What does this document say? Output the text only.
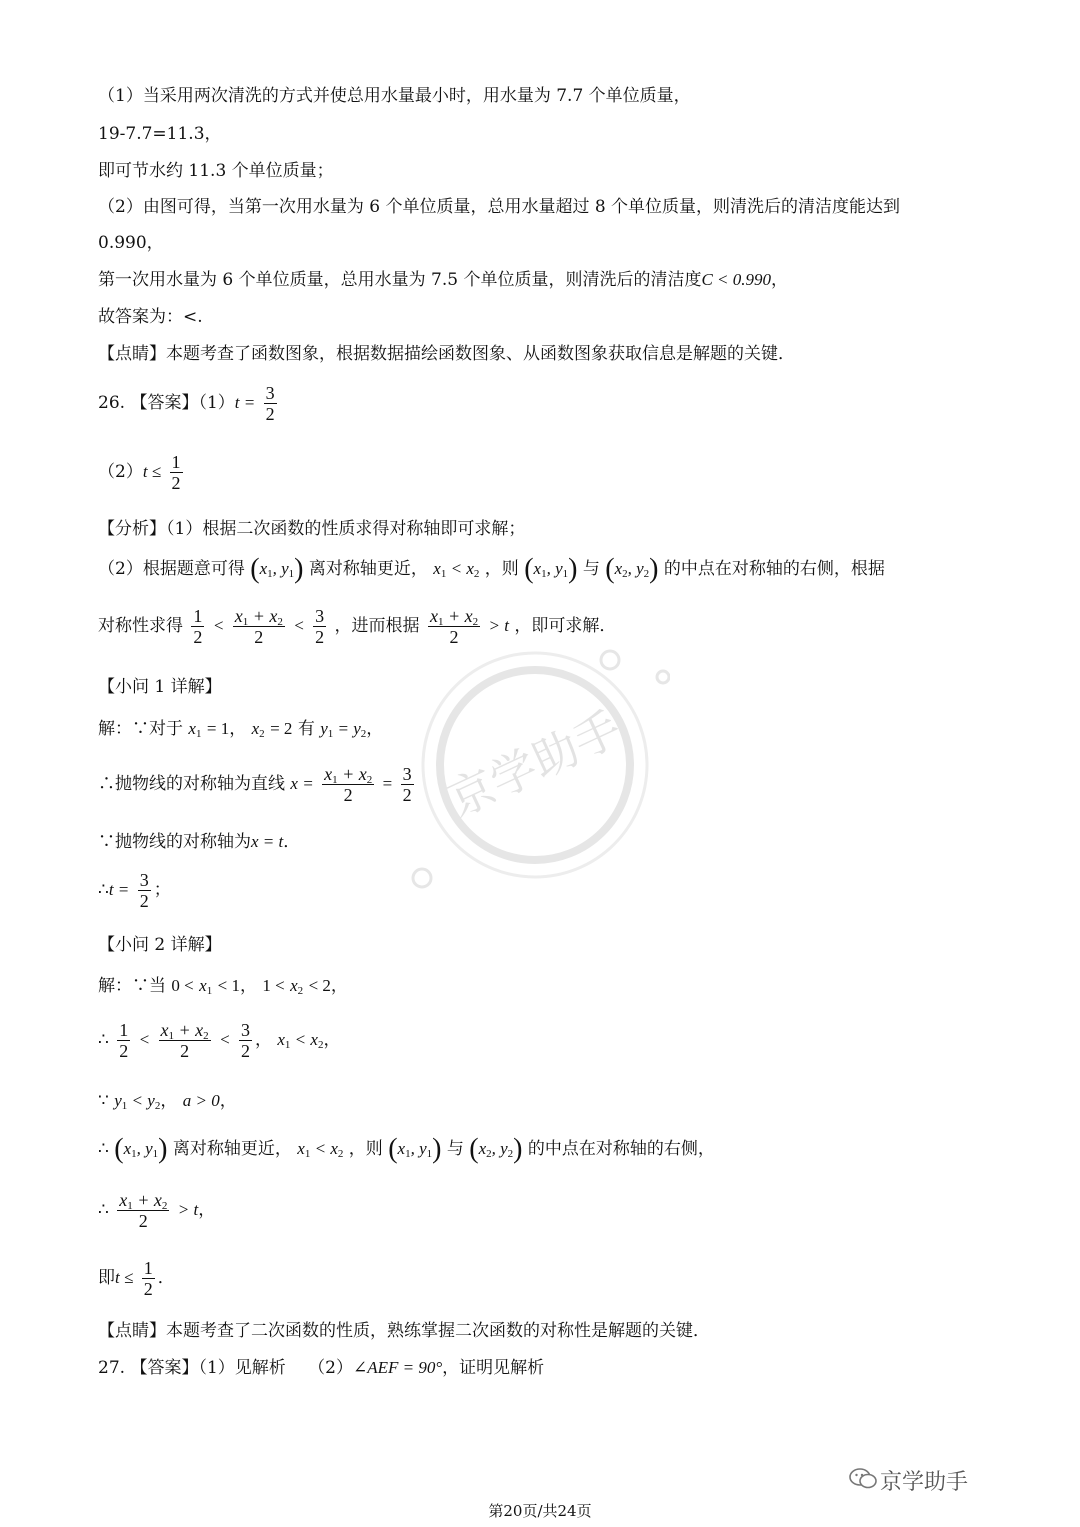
京学助手
（1）当采用两次清洗的方式并使总用水量最小时，用水量为 7.7 个单位质量，
19-7.7=11.3，
即可节水约 11.3 个单位质量；
（2）由图可得，当第一次用水量为 6 个单位质量，总用水量超过 8 个单位质量，则清洗后的清洁度能达到
0.990，
第一次用水量为 6 个单位质量，总用水量为 7.5 个单位质量，则清洗后的清洁度C < 0.990，
故答案为：<.
【点睛】本题考查了函数图象，根据数据描绘函数图象、从函数图象获取信息是解题的关键．
26. 【答案】$(1)t = \frac{3}{2}$
$(2)t \le \frac{1}{2}$
【分析】（1）根据二次函数的性质求得对称轴即可求解；
（2）根据题意可得 ($x_1$, $y_1$) 离对称轴更近， $x_1 < x_2$ ，则 ($x_1$, $y_1$) 与 ($x_2$, $y_2$) 的中点在对称轴的右侧，根据
对称性求得 $\frac{1}{2} < \frac{x_1 + x_2}{2} < \frac{3}{2}$ ，进而根据 $\frac{x_1 + x_2}{2} > t$ ，即可求解．
【小问 1 详解】
解：∵对于 $x_1 = 1$， $x_2 = 2$ 有 $y_1 = y_2$，
∴抛物线的对称轴为直线 $x = \frac{x_1 + x_2}{2} = \frac{3}{2}$
∵抛物线的对称轴为x = t．
∴t = $\frac{3}{2}$ ；
【小问 2 详解】
解：∵当 $0 < x_1 < 1$， $1 < x_2 < 2$，
∴ $\frac{1}{2} < \frac{x_1 + x_2}{2} < \frac{3}{2}$ ， $x_1 < x_2$，
∵ $y_1 < y_2$， a > 0，
∴ ($x_1$, $y_1$) 离对称轴更近， $x_1 < x_2$ ，则 ($x_1$, $y_1$) 与 ($x_2$, $y_2$) 的中点在对称轴的右侧，
∴ $\frac{x_1 + x_2}{2} > t$，
即$t \le \frac{1}{2}$ ．
【点睛】本题考查了二次函数的性质，熟练掌握二次函数的对称性是解题的关键．
27. 【答案】（1）见解析　 （2）∠AEF = 90°，证明见解析
京学助手
第20页/共24页
